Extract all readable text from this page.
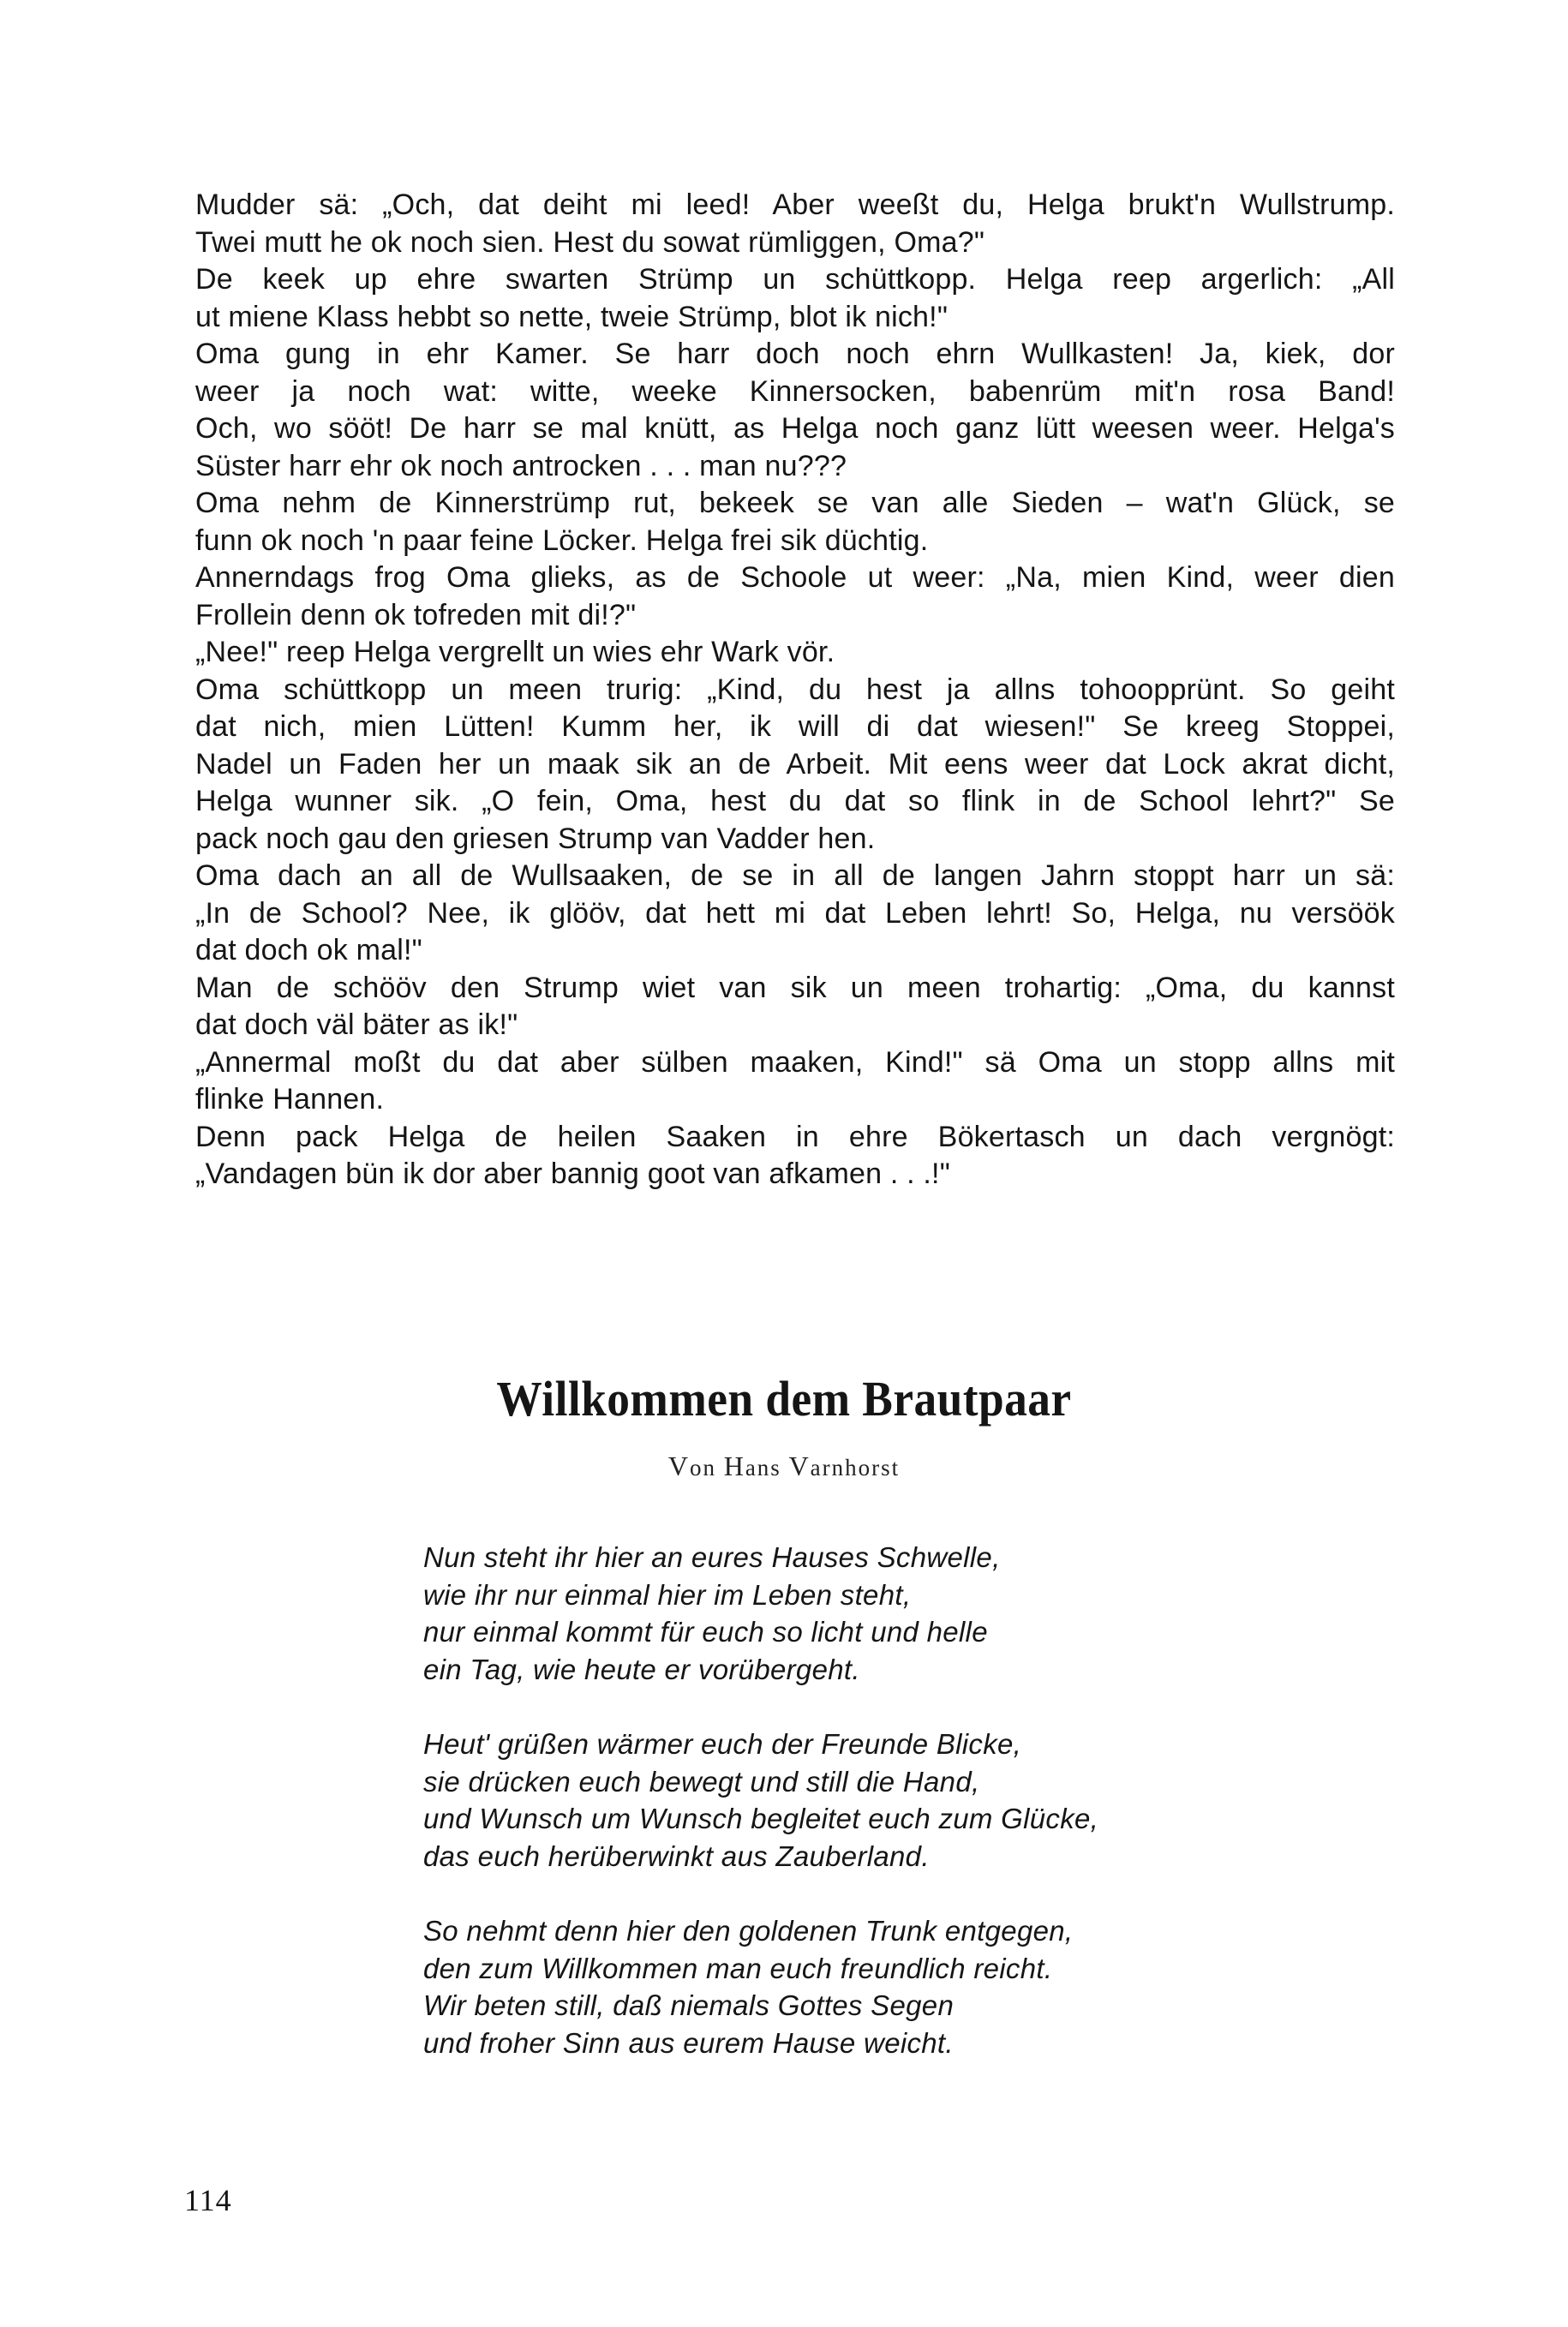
Mudder sä: „Och, dat deiht mi leed! Aber weeßt du, Helga brukt'n Wullstrump.
Twei mutt he ok noch sien. Hest du sowat rümliggen, Oma?"
De keek up ehre swarten Strümp un schüttkopp. Helga reep argerlich: „All
ut miene Klass hebbt so nette, tweie Strümp, blot ik nich!"
Oma gung in ehr Kamer. Se harr doch noch ehrn Wullkasten! Ja, kiek, dor
weer ja noch wat: witte, weeke Kinnersocken, babenrüm mit'n rosa Band!
Och, wo sööt! De harr se mal knütt, as Helga noch ganz lütt weesen weer. Helga's
Süster harr ehr ok noch antrocken . . . man nu???
Oma nehm de Kinnerstrümp rut, bekeek se van alle Sieden – wat'n Glück, se
funn ok noch 'n paar feine Löcker. Helga frei sik düchtig.
Annerndags frog Oma glieks, as de Schoole ut weer: „Na, mien Kind, weer dien
Frollein denn ok tofreden mit di!?"
„Nee!" reep Helga vergrellt un wies ehr Wark vör.
Oma schüttkopp un meen trurig: „Kind, du hest ja allns tohoopprünt. So geiht
dat nich, mien Lütten! Kumm her, ik will di dat wiesen!" Se kreeg Stoppei,
Nadel un Faden her un maak sik an de Arbeit. Mit eens weer dat Lock akrat dicht,
Helga wunner sik. „O fein, Oma, hest du dat so flink in de School lehrt?" Se
pack noch gau den griesen Strump van Vadder hen.
Oma dach an all de Wullsaaken, de se in all de langen Jahrn stoppt harr un sä:
„In de School? Nee, ik glööv, dat hett mi dat Leben lehrt! So, Helga, nu versöök
dat doch ok mal!"
Man de schööv den Strump wiet van sik un meen trohartig: „Oma, du kannst
dat doch väl bäter as ik!"
„Annermal moßt du dat aber sülben maaken, Kind!" sä Oma un stopp allns mit
flinke Hannen.
Denn pack Helga de heilen Saaken in ehre Bökertasch un dach vergnögt:
„Vandagen bün ik dor aber bannig goot van afkamen . . .!"
Willkommen dem Brautpaar
Von Hans Varnhorst
Nun steht ihr hier an eures Hauses Schwelle,
wie ihr nur einmal hier im Leben steht,
nur einmal kommt für euch so licht und helle
ein Tag, wie heute er vorübergeht.
Heut' grüßen wärmer euch der Freunde Blicke,
sie drücken euch bewegt und still die Hand,
und Wunsch um Wunsch begleitet euch zum Glücke,
das euch herüberwinkt aus Zauberland.
So nehmt denn hier den goldenen Trunk entgegen,
den zum Willkommen man euch freundlich reicht.
Wir beten still, daß niemals Gottes Segen
und froher Sinn aus eurem Hause weicht.
114
